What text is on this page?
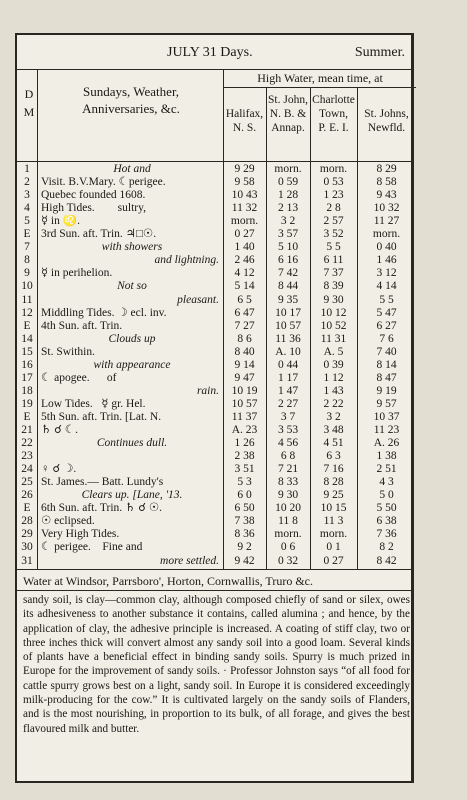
JULY 31 Days.	Summer.
D
M
Sundays, Weather,
Anniversaries, &c.
High Water, mean time, at
Halifax,
N. S.
St. John,
N. B. &
Annap.
Charlotte
Town,
P. E. I.
St. Johns,
Newfld.
1	Hot and	9 29	morn.	morn.	8 29
2 Visit. B.V.Mary. ☾perigee.	9 58	0 59	0 53	8 58
3 Quebec founded 1608.	10 43	1 28	1 23	9 43
4 High Tides.        sultry,	11 32	2 13	2 8	10 32
5 ☿ in ♌.	morn.	3 2	2 57	11 27
E 3rd Sun. aft. Trin. ♃□☉.	0 27	3 57	3 52	morn.
7	with showers	1 40	5 10	5 5	0 40
8	and lightning.	2 46	6 16	6 11	1 46
9 ☿ in perihelion.	4 12	7 42	7 37	3 12
10	Not so	5 14	8 44	8 39	4 14
11	pleasant.	6 5	9 35	9 30	5 5
12 Middling Tides. ☽ ecl. inv.	6 47	10 17	10 12	5 47
E 4th Sun. aft. Trin.	7 27	10 57	10 52	6 27
14	Clouds up	8 6	11 36	11 31	7 6
15 St. Swithin.	8 40	A. 10	A. 5	7 40
16	with appearance	9 14	0 44	0 39	8 14
17 ☾ apogee.      of	9 47	1 17	1 12	8 47
18	rain.	10 19	1 47	1 43	9 19
19 Low Tides.   ☿ gr. Hel.	10 57	2 27	2 22	9 57
E 5th Sun. aft. Trin. [Lat. N.	11 37	3 7	3 2	10 37
21 ♄ ☌ ☾.	A. 23	3 53	3 48	11 23
22	Continues dull.	1 26	4 56	4 51	A. 26
23	2 38	6 8	6 3	1 38
24 ♀ ☌ ☽.	3 51	7 21	7 16	2 51
25 St. James.— Batt. Lundy's	5 3	8 33	8 28	4 3
26	Clears up. [Lane, '13.	6 0	9 30	9 25	5 0
E 6th Sun. aft. Trin. ♄ ☌ ☉.	6 50	10 20	10 15	5 50
28 ☉ eclipsed.	7 38	11 8	11 3	6 38
29 Very High Tides.	8 36	morn.	morn.	7 36
30 ☾ perigee.    Fine and	9 2	0 6	0 1	8 2
31	more settled.	9 42	0 32	0 27	8 42
Water at Windsor, Parrsboro', Horton, Cornwallis, Truro &c.

sandy soil, is clay—common clay, although composed chiefly of sand or silex, owes its adhesiveness to another substance it contains, called alumina ; and hence, by the application of clay, the adhesive principle is increased. A coating of stiff clay, two or three inches thick will convert almost any sandy soil into a good loam. Several kinds of plants have a beneficial effect in binding sandy soils. Spurry is much prized in Europe for the improvement of sandy soils. · Professor Johnston says “of all food for cattle spurry grows best on a light, sandy soil. In Europe it is considered exceedingly milk-producing for the cow.” It is cultivated largely on the sandy soils of Flanders, and is the most nourishing, in proportion to its bulk, of all forage, and gives the best flavoured milk and butter.
